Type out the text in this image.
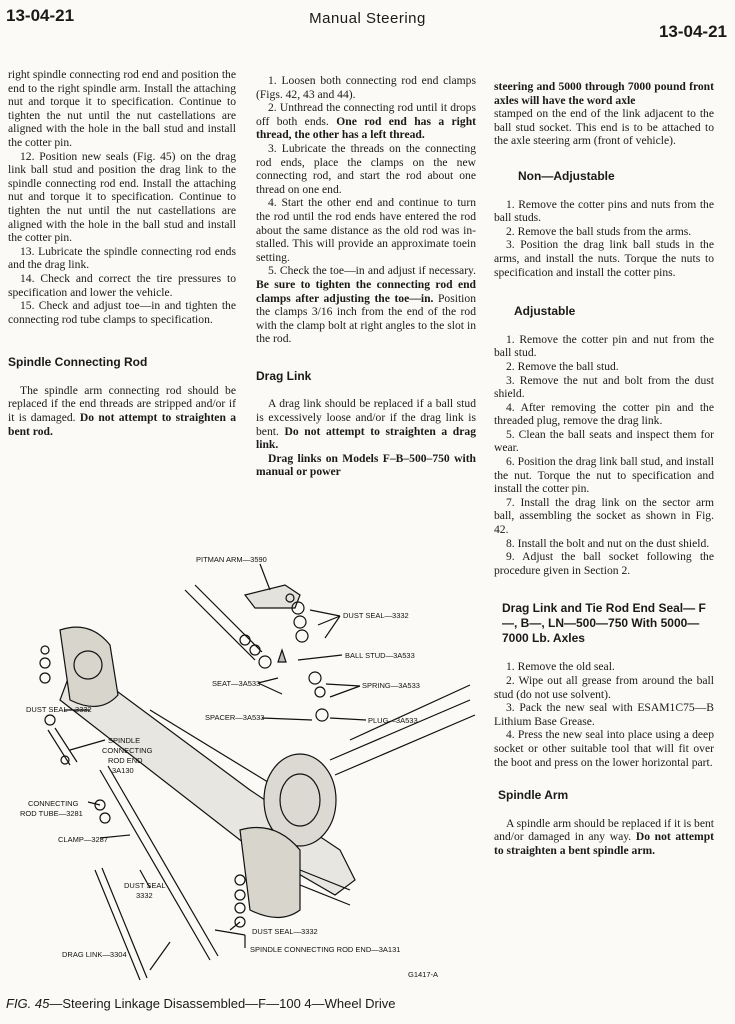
13-04-21	Manual Steering
13-04-21

right spindle connecting rod end and position the end to the right spindle arm. Install the attaching nut and torque it to specification. Continue to tighten the nut until the nut castellations are aligned with the hole in the ball stud and install the cotter pin.

12. Position new seals (Fig. 45) on the drag link ball stud and position the drag link to the spindle connecting rod end. Install the attaching nut and torque it to specification. Continue to tighten the nut until the nut castellations are aligned with the hole in the ball stud and install the cotter pin.

13. Lubricate the spindle connecting rod ends and the drag link.

14. Check and correct the tire pressures to specification and lower the vehicle.

15. Check and adjust toe—in and tighten the connecting rod tube clamps to specification.

Spindle Connecting Rod

The spindle arm connecting rod should be replaced if the end threads are stripped and/or if it is damaged. Do not attempt to straighten a bent rod.

1. Loosen both connecting rod end clamps (Figs. 42, 43 and 44).

2. Unthread the connecting rod until it drops off both ends. One rod end has a right thread, the other has a left thread.

3. Lubricate the threads on the connecting rod ends, place the clamps on the new connecting rod, and start the rod about one thread on one end.

4. Start the other end and continue to turn the rod until the rod ends have entered the rod about the same distance as the old rod was installed. This will provide an approximate toein setting.

5. Check the toe—in and adjust if necessary. Be sure to tighten the connecting rod end clamps after adjusting the toe—in. Position the clamps 3/16 inch from the end of the rod with the clamp bolt at right angles to the slot in the rod.

Drag Link

A drag link should be replaced if a ball stud is excessively loose and/or if the drag link is bent. Do not attempt to straighten a drag link.

Drag links on Models F–B–500–750 with manual or power

steering and 5000 through 7000 pound front axles will have the word axle

stamped on the end of the link adjacent to the ball stud socket. This end is to be attached to the axle steering arm (front of vehicle).

Non—Adjustable

1. Remove the cotter pins and nuts from the ball studs.

2. Remove the ball studs from the arms.

3. Position the drag link ball studs in the arms, and install the nuts. Torque the nuts to specification and install the cotter pins.

Adjustable

1. Remove the cotter pin and nut from the ball stud.

2. Remove the ball stud.

3. Remove the nut and bolt from the dust shield.

4. After removing the cotter pin and the threaded plug, remove the drag link.

5. Clean the ball seats and inspect them for wear.

6. Position the drag link ball stud, and install the nut. Torque the nut to specification and install the cotter pin.

7. Install the drag link on the sector arm ball, assembling the socket as shown in Fig. 42.

8. Install the bolt and nut on the dust shield.

9. Adjust the ball socket following the procedure given in Section 2.

Drag Link and Tie Rod End Seal— F—, B—, LN—500—750 With 5000—7000 Lb. Axles

1. Remove the old seal.

2. Wipe out all grease from around the ball stud (do not use solvent).

3. Pack the new seal with ESAM1C75—B Lithium Base Grease.

4. Press the new seal into place using a deep socket or other suitable tool that will fit over the boot and press on the lower horizontal part.

Spindle Arm

A spindle arm should be replaced if it is bent and/or damaged in any way. Do not attempt to straighten a bent spindle arm.

PITMAN ARM—3590
DUST SEAL—3332
BALL STUD—3A533
SEAT—3A533	SPRING—3A533
SPACER—3A533	PLUG—3A533
DUST SEAL—3332
SPINDLE
CONNECTING
ROD END
3A130
CONNECTING
ROD TUBE—3281
CLAMP—3287
DUST SEAL
3332
DUST SEAL—3332
DRAG LINK—3304
SPINDLE CONNECTING ROD END—3A131
G1417-A
FIG. 45—Steering Linkage Disassembled—F—100 4—Wheel Drive
